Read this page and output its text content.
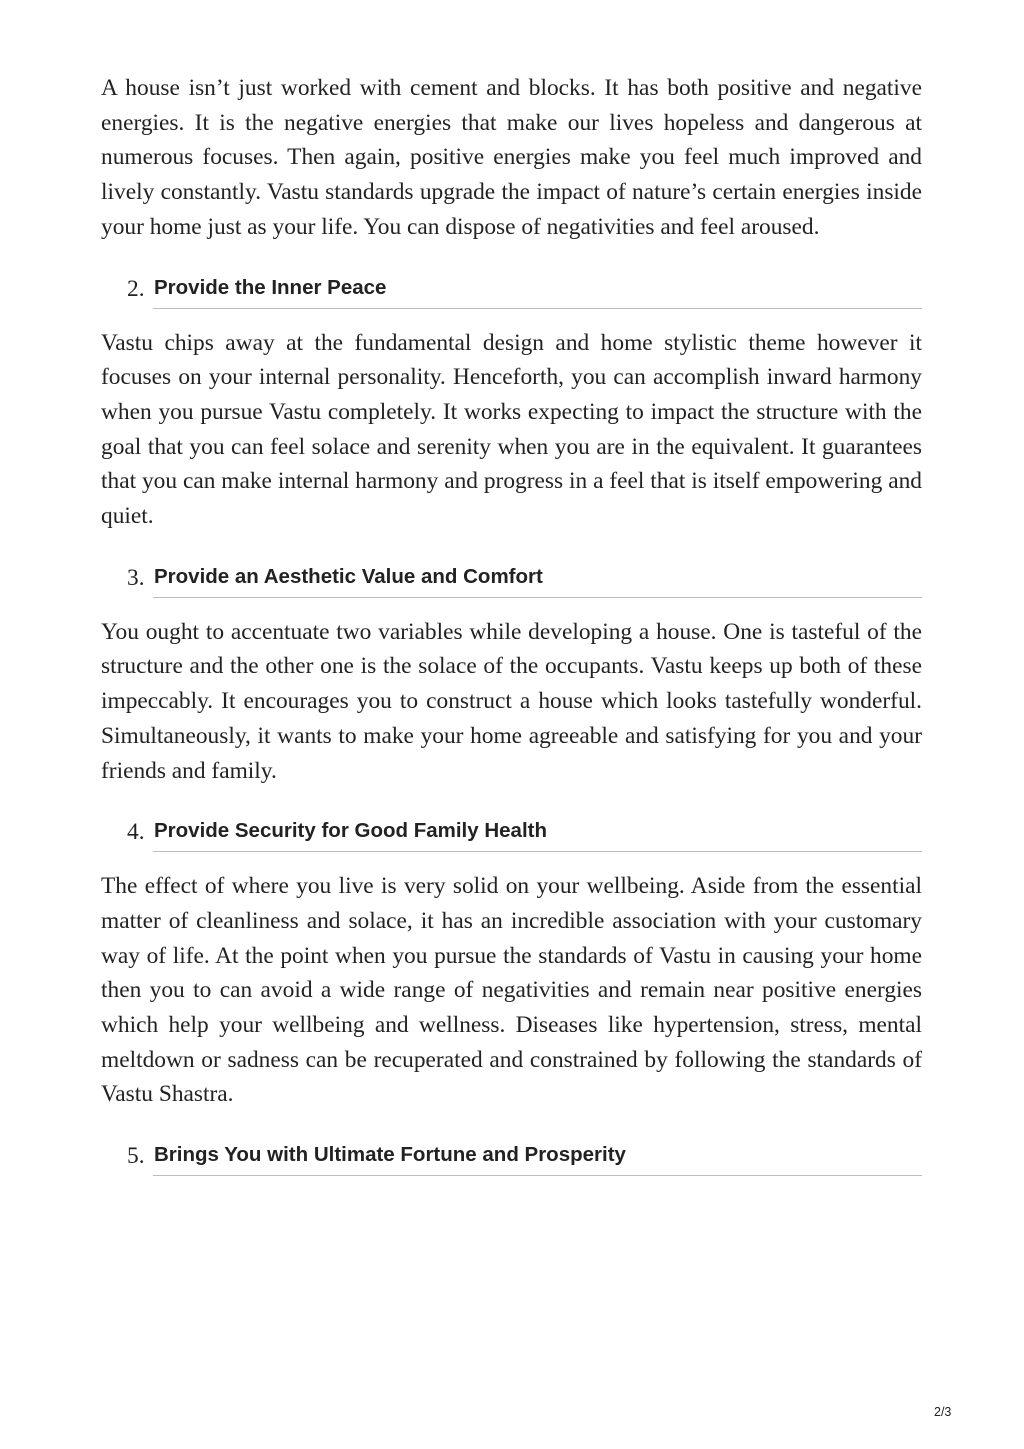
A house isn’t just worked with cement and blocks. It has both positive and negative energies. It is the negative energies that make our lives hopeless and dangerous at numerous focuses. Then again, positive energies make you feel much improved and lively constantly. Vastu standards upgrade the impact of nature’s certain energies inside your home just as your life. You can dispose of negativities and feel aroused.

2. Provide the Inner Peace

Vastu chips away at the fundamental design and home stylistic theme however it focuses on your internal personality. Henceforth, you can accomplish inward harmony when you pursue Vastu completely. It works expecting to impact the structure with the goal that you can feel solace and serenity when you are in the equivalent. It guarantees that you can make internal harmony and progress in a feel that is itself empowering and quiet.

3. Provide an Aesthetic Value and Comfort

You ought to accentuate two variables while developing a house. One is tasteful of the structure and the other one is the solace of the occupants. Vastu keeps up both of these impeccably. It encourages you to construct a house which looks tastefully wonderful. Simultaneously, it wants to make your home agreeable and satisfying for you and your friends and family.

4. Provide Security for Good Family Health

The effect of where you live is very solid on your wellbeing. Aside from the essential matter of cleanliness and solace, it has an incredible association with your customary way of life. At the point when you pursue the standards of Vastu in causing your home then you to can avoid a wide range of negativities and remain near positive energies which help your wellbeing and wellness. Diseases like hypertension, stress, mental meltdown or sadness can be recuperated and constrained by following the standards of Vastu Shastra.

5. Brings You with Ultimate Fortune and Prosperity
2/3
